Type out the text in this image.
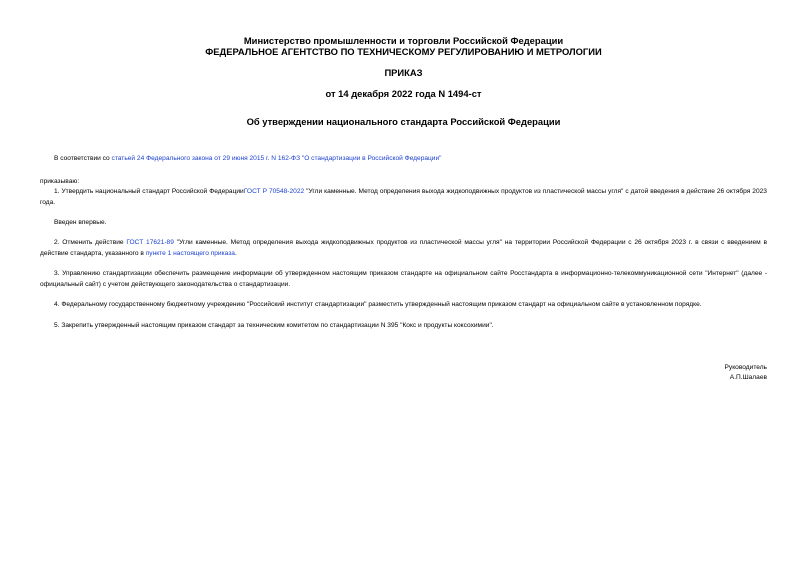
Министерство промышленности и торговли Российской Федерации
ФЕДЕРАЛЬНОЕ АГЕНТСТВО ПО ТЕХНИЧЕСКОМУ РЕГУЛИРОВАНИЮ И МЕТРОЛОГИИ
ПРИКАЗ
от 14 декабря 2022 года N 1494-ст
Об утверждении национального стандарта Российской Федерации
В соответствии со статьей 24 Федерального закона от 29 июня 2015 г. N 162-ФЗ "О стандартизации в Российской Федерации"
приказываю:
1. Утвердить национальный стандарт Российской ФедерацииГОСТ Р 70548-2022 "Угли каменные. Метод определения выхода жидкоподвижных продуктов из пластической массы угля" с датой введения в действие 26 октября 2023 года.
Введен впервые.
2. Отменить действие ГОСТ 17621-89 "Угли каменные. Метод определения выхода жидкоподвижных продуктов из пластической массы угля" на территории Российской Федерации с 26 октября 2023 г. в связи с введением в действие стандарта, указанного в пункте 1 настоящего приказа.
3. Управлению стандартизации обеспечить размещение информации об утвержденном настоящим приказом стандарте на официальном сайте Росстандарта в информационно-телекоммуникационной сети "Интернет" (далее - официальный сайт) с учетом действующего законодательства о стандартизации.
4. Федеральному государственному бюджетному учреждению "Российский институт стандартизации" разместить утвержденный настоящим приказом стандарт на официальном сайте в установленном порядке.
5. Закрепить утвержденный настоящим приказом стандарт за техническим комитетом по стандартизации N 395 "Кокс и продукты коксохимии".
Руководитель
А.П.Шалаев
